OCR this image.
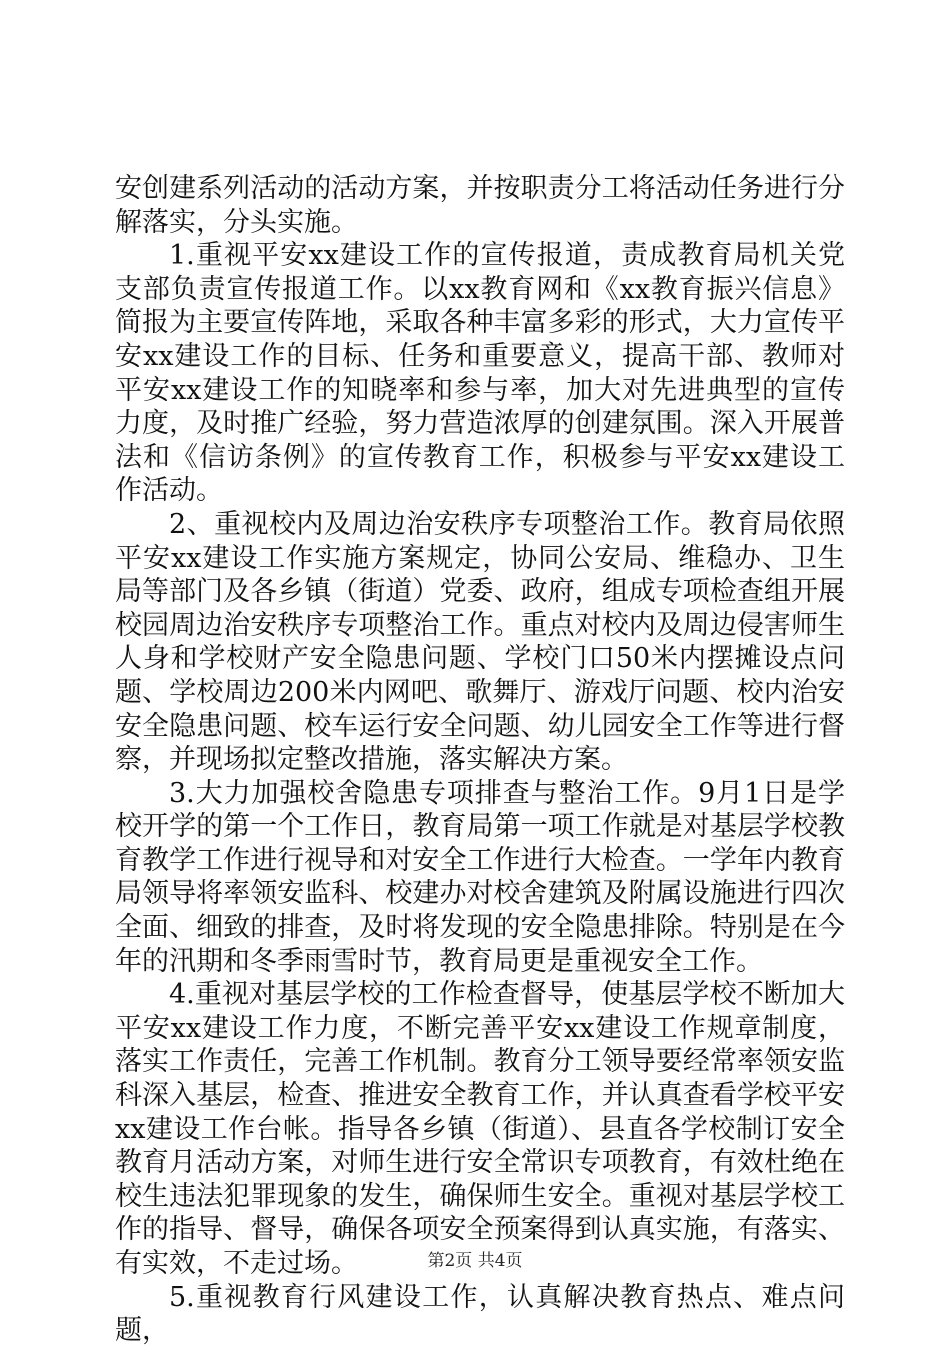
安创建系列活动的活动方案，并按职责分工将活动任务进行分解落实，分头实施。

1.重视平安xx建设工作的宣传报道，责成教育局机关党支部负责宣传报道工作。以xx教育网和《xx教育振兴信息》简报为主要宣传阵地，采取各种丰富多彩的形式，大力宣传平安xx建设工作的目标、任务和重要意义，提高干部、教师对平安xx建设工作的知晓率和参与率，加大对先进典型的宣传力度，及时推广经验，努力营造浓厚的创建氛围。深入开展普法和《信访条例》的宣传教育工作，积极参与平安xx建设工作活动。

2、重视校内及周边治安秩序专项整治工作。教育局依照平安xx建设工作实施方案规定，协同公安局、维稳办、卫生局等部门及各乡镇（街道）党委、政府，组成专项检查组开展校园周边治安秩序专项整治工作。重点对校内及周边侵害师生人身和学校财产安全隐患问题、学校门口50米内摆摊设点问题、学校周边200米内网吧、歌舞厅、游戏厅问题、校内治安安全隐患问题、校车运行安全问题、幼儿园安全工作等进行督察，并现场拟定整改措施，落实解决方案。

3.大力加强校舍隐患专项排查与整治工作。9月1日是学校开学的第一个工作日，教育局第一项工作就是对基层学校教育教学工作进行视导和对安全工作进行大检查。一学年内教育局领导将率领安监科、校建办对校舍建筑及附属设施进行四次全面、细致的排查，及时将发现的安全隐患排除。特别是在今年的汛期和冬季雨雪时节，教育局更是重视安全工作。

4.重视对基层学校的工作检查督导，使基层学校不断加大平安xx建设工作力度，不断完善平安xx建设工作规章制度，落实工作责任，完善工作机制。教育分工领导要经常率领安监科深入基层，检查、推进安全教育工作，并认真查看学校平安xx建设工作台帐。指导各乡镇（街道）、县直各学校制订安全教育月活动方案，对师生进行安全常识专项教育，有效杜绝在校生违法犯罪现象的发生，确保师生安全。重视对基层学校工作的指导、督导，确保各项安全预案得到认真实施，有落实、有实效，不走过场。

5.重视教育行风建设工作，认真解决教育热点、难点问题，

第2页 共4页
